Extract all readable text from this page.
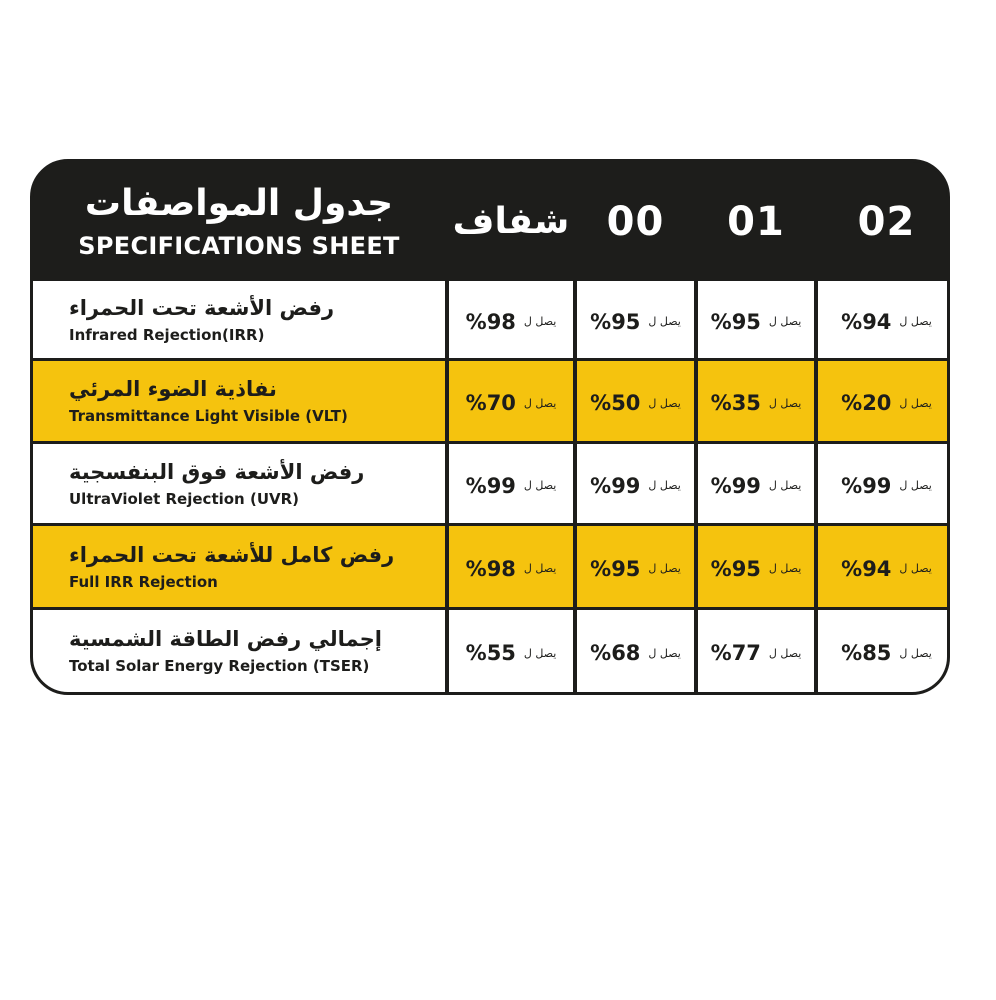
جدول المواصفات
SPECIFICATIONS SHEET
شفاف 00 01 02
رفض الأشعة تحت الحمراء
Infrared Rejection(IRR)
%98 يصل ل %95 يصل ل %95 يصل ل %94 يصل ل
نفاذية الضوء المرئي
Transmittance Light Visible (VLT)
%70 يصل ل %50 يصل ل %35 يصل ل %20 يصل ل
رفض الأشعة فوق البنفسجية
UltraViolet Rejection (UVR)
%99 يصل ل %99 يصل ل %99 يصل ل %99 يصل ل
رفض كامل للأشعة تحت الحمراء
Full IRR Rejection
%98 يصل ل %95 يصل ل %95 يصل ل %94 يصل ل
إجمالي رفض الطاقة الشمسية
Total Solar Energy Rejection (TSER)
%55 يصل ل %68 يصل ل %77 يصل ل %85 يصل ل
